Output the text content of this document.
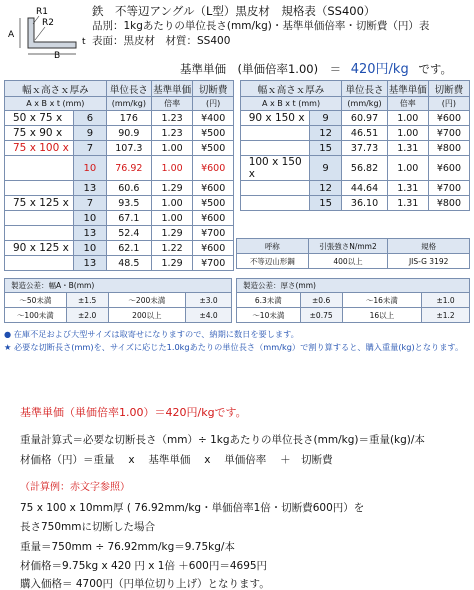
R1
R2
A
B
t
鉄　不等辺アングル（L型）黒皮材　規格表（SS400）
品別：1kgあたりの単位長さ(mm/kg)・基準単価倍率・切断費（円）表
表面：黒皮材　材質：SS400
基準単価　(単価倍率1.00)　＝ 420円/kg です。
幅ｘ高さｘ厚み		単位長さ	基準単価	切断費		幅ｘ高さｘ厚み		単位長さ	基準単価	切断費
A x B x t (mm)		(mm/kg)	倍率	(円)		A x B x t (mm)		(mm/kg)	倍率	(円)
50 x 75 x	6	176	1.23	¥400		90 x 150 x	9	60.97	1.00	¥600
75 x 90 x	9	90.9	1.23	¥500			12	46.51	1.00	¥700
75 x 100 x	7	107.3	1.00	¥500			15	37.73	1.31	¥800
	10	76.92	1.00	¥600		100 x 150 x	9	56.82	1.00	¥600
	13	60.6	1.29	¥600			12	44.64	1.31	¥700
75 x 125 x	7	93.5	1.00	¥500			15	36.10	1.31	¥800
	10	67.1	1.00	¥600						
	13	52.4	1.29	¥700						
90 x 125 x	10	62.1	1.22	¥600						
	13	48.5	1.29	¥700						
呼称	引張強さN/mm2	規格
不等辺山形鋼	400以上	JIS-G 3192
製造公差：幅A・B(mm)			
～50未満	±1.5	～200未満	±3.0
～100未満	±2.0	200以上	±4.0
製造公差：厚さ(mm)			
6.3未満	±0.6	～16未満	±1.0
～10未満	±0.75	16以上	±1.2
● 在庫不足および大型サイズは取寄せになりますので、納期に数日を要します。
★ 必要な切断長さ(mm)を、サイズに応じた1.0kgあたりの単位長さ（mm/kg）で割り算すると、購入重量(kg)となります。
基準単価（単価倍率1.00）＝420円/kgです。
重量計算式＝必要な切断長さ（mm）÷ 1kgあたりの単位長さ(mm/kg)＝重量(kg)/本
材価格（円）＝重量　 x　 基準単価　 x　 単価倍率　 ＋　切断費
（計算例：赤文字参照）
75 x 100 x 10mm厚 ( 76.92mm/kg・単価倍率1倍・切断費600円）を
長さ750mmに切断した場合
重量＝750mm ÷ 76.92mm/kg＝9.75kg/本
材価格＝9.75kg x 420 円 x 1倍 ＋600円＝4695円
購入価格＝ 4700円（円単位切り上げ）となります。
